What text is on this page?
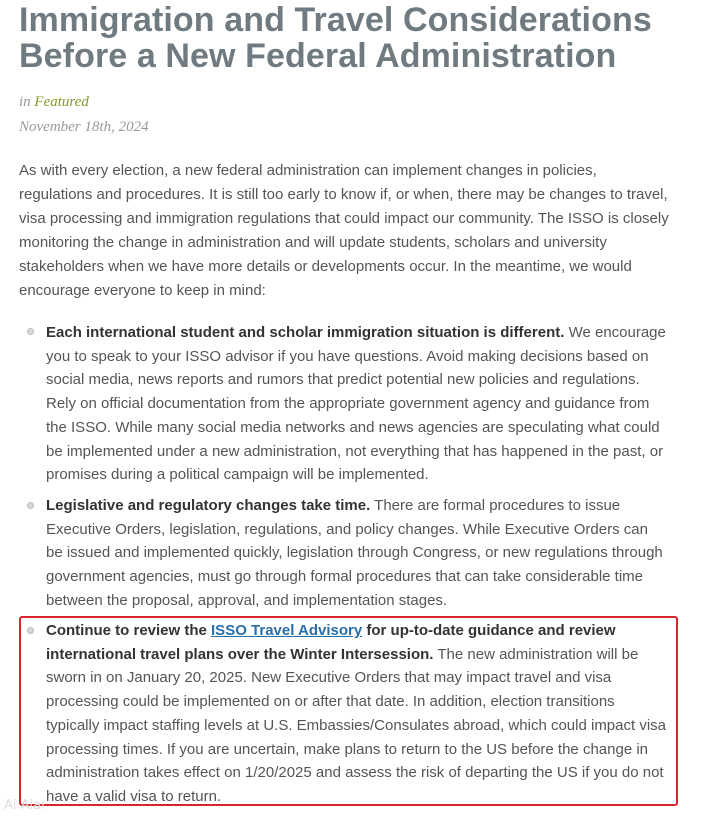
Immigration and Travel Considerations Before a New Federal Administration
in Featured
November 18th, 2024

As with every election, a new federal administration can implement changes in policies, regulations and procedures. It is still too early to know if, or when, there may be changes to travel, visa processing and immigration regulations that could impact our community. The ISSO is closely monitoring the change in administration and will update students, scholars and university stakeholders when we have more details or developments occur. In the meantime, we would encourage everyone to keep in mind:

Each international student and scholar immigration situation is different. We encourage you to speak to your ISSO advisor if you have questions. Avoid making decisions based on social media, news reports and rumors that predict potential new policies and regulations. Rely on official documentation from the appropriate government agency and guidance from the ISSO. While many social media networks and news agencies are speculating what could be implemented under a new administration, not everything that has happened in the past, or promises during a political campaign will be implemented.

Legislative and regulatory changes take time. There are formal procedures to issue Executive Orders, legislation, regulations, and policy changes. While Executive Orders can be issued and implemented quickly, legislation through Congress, or new regulations through government agencies, must go through formal procedures that can take considerable time between the proposal, approval, and implementation stages.

Continue to review the ISSO Travel Advisory for up-to-date guidance and review international travel plans over the Winter Intersession. The new administration will be sworn in on January 20, 2025. New Executive Orders that may impact travel and visa processing could be implemented on or after that date. In addition, election transitions typically impact staffing levels at U.S. Embassies/Consulates abroad, which could impact visa processing times. If you are uncertain, make plans to return to the US before the change in administration takes effect on 1/20/2025 and assess the risk of departing the US if you do not have a valid visa to return.

Ai Aiai
